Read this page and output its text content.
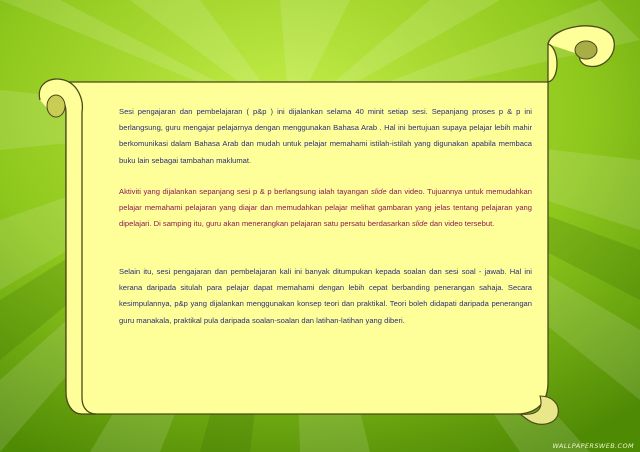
Sesi pengajaran dan pembelajaran ( p&p ) ini dijalankan selama 40 minit setiap sesi. Sepanjang proses p & p ini berlangsung, guru mengajar pelajarnya dengan menggunakan Bahasa Arab . Hal ini bertujuan supaya pelajar lebih mahir berkomunikasi dalam Bahasa Arab dan mudah untuk pelajar memahami istilah-istilah yang digunakan apabila membaca buku lain sebagai tambahan maklumat.

Aktiviti yang dijalankan sepanjang sesi p & p berlangsung ialah tayangan slide dan video. Tujuannya untuk memudahkan pelajar memahami pelajaran yang diajar dan memudahkan pelajar melihat gambaran yang jelas tentang pelajaran yang dipelajari. Di samping itu, guru akan menerangkan pelajaran satu persatu berdasarkan slide dan video tersebut.

Selain itu, sesi pengajaran dan pembelajaran kali ini banyak ditumpukan kepada soalan dan sesi soal - jawab. Hal ini kerana daripada situlah para pelajar dapat memahami dengan lebih cepat berbanding penerangan sahaja. Secara kesimpulannya, p&p yang dijalankan menggunakan konsep teori dan praktikal. Teori boleh didapati daripada penerangan guru manakala, praktikal pula daripada soalan-soalan dan latihan-latihan yang diberi.

WALLPAPERSWEB.COM
